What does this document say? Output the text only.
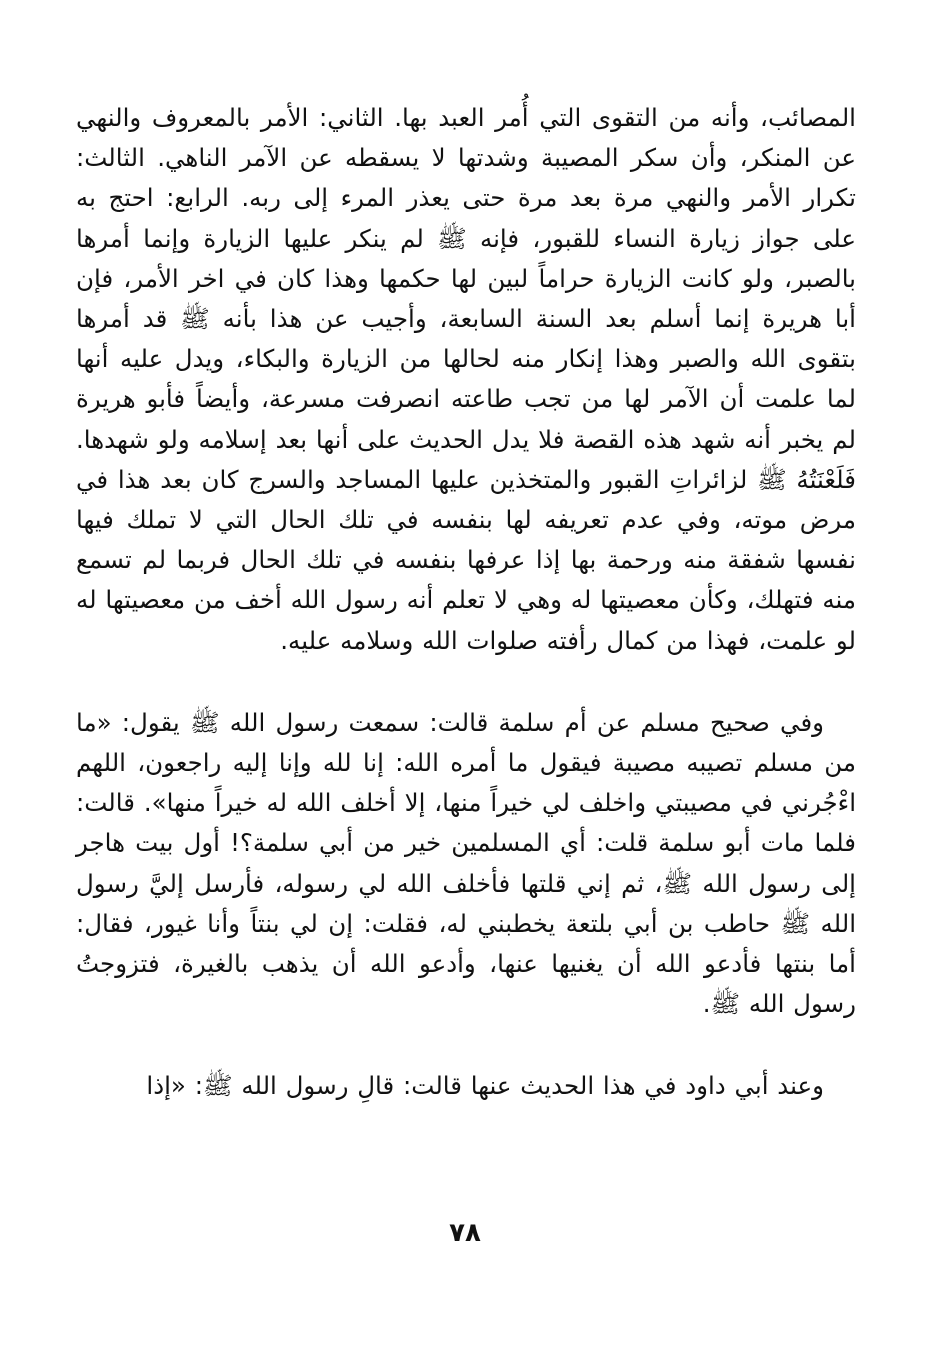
المصائب، وأنه من التقوى التي أُمر العبد بها. الثاني: الأمر بالمعروف والنهي عن المنكر، وأن سكر المصيبة وشدتها لا يسقطه عن الآمر الناهي. الثالث: تكرار الأمر والنهي مرة بعد مرة حتى يعذر المرء إلى ربه. الرابع: احتج به على جواز زيارة النساء للقبور، فإنه ﷺ لم ينكر عليها الزيارة وإنما أمرها بالصبر، ولو كانت الزيارة حراماً لبين لها حكمها وهذا كان في اخر الأمر، فإن أبا هريرة إنما أسلم بعد السنة السابعة، وأجيب عن هذا بأنه ﷺ قد أمرها بتقوى الله والصبر وهذا إنكار منه لحالها من الزيارة والبكاء، ويدل عليه أنها لما علمت أن الآمر لها من تجب طاعته انصرفت مسرعة، وأيضاً فأبو هريرة لم يخبر أنه شهد هذه القصة فلا يدل الحديث على أنها بعد إسلامه ولو شهدها. فَلَعْنَتُهُ ﷺ لزائراتِ القبور والمتخذين عليها المساجد والسرج كان بعد هذا في مرض موته، وفي عدم تعريفه لها بنفسه في تلك الحال التي لا تملك فيها نفسها شفقة منه ورحمة بها إذا عرفها بنفسه في تلك الحال فربما لم تسمع منه فتهلك، وكأن معصيتها له وهي لا تعلم أنه رسول الله أخف من معصيتها له لو علمت، فهذا من كمال رأفته صلوات الله وسلامه عليه.

وفي صحيح مسلم عن أم سلمة قالت: سمعت رسول الله ﷺ يقول: «ما من مسلم تصيبه مصيبة فيقول ما أمره الله: إنا لله وإنا إليه راجعون، اللهم اءْجُرني في مصيبتي واخلف لي خيراً منها، إلا أخلف الله له خيراً منها». قالت: فلما مات أبو سلمة قلت: أي المسلمين خير من أبي سلمة؟! أول بيت هاجر إلى رسول الله ﷺ، ثم إني قلتها فأخلف الله لي رسوله، فأرسل إليَّ رسول الله ﷺ حاطب بن أبي بلتعة يخطبني له، فقلت: إن لي بنتاً وأنا غيور، فقال: أما بنتها فأدعو الله أن يغنيها عنها، وأدعو الله أن يذهب بالغيرة، فتزوجتُ رسول الله ﷺ.

وعند أبي داود في هذا الحديث عنها قالت: قالِ رسول الله ﷺ: «إذا

٧٨
